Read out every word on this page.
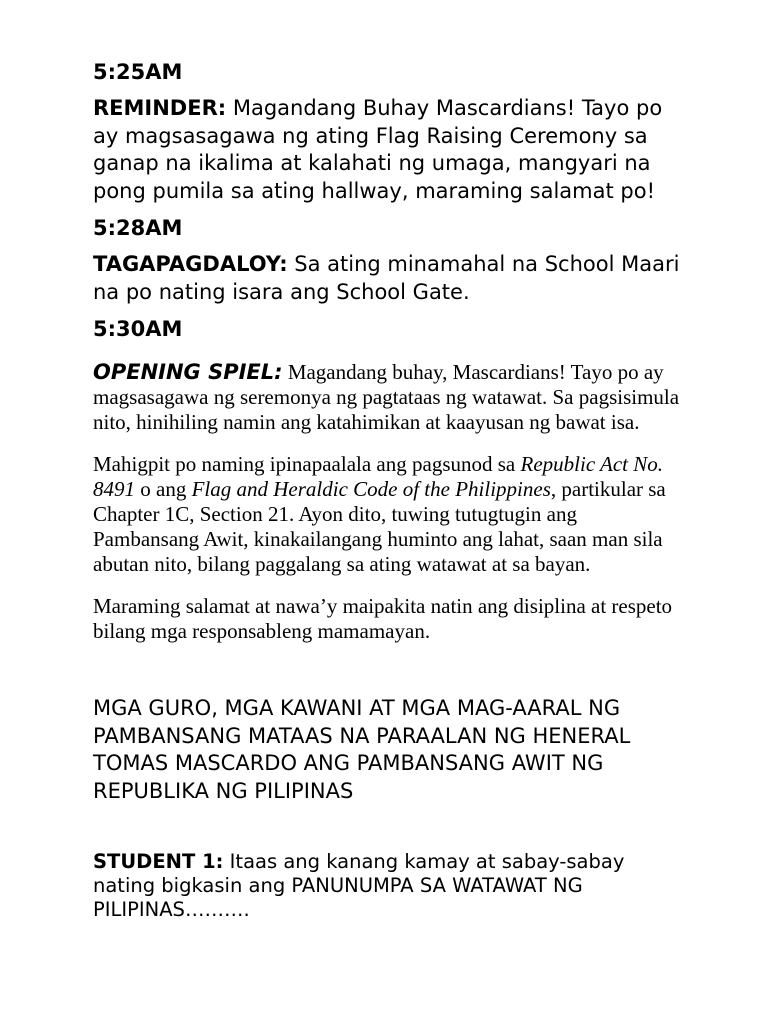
5:25AM

REMINDER: Magandang Buhay Mascardians! Tayo po ay magsasagawa ng ating Flag Raising Ceremony sa ganap na ikalima at kalahati ng umaga, mangyari na pong pumila sa ating hallway, maraming salamat po!

5:28AM

TAGAPAGDALOY: Sa ating minamahal na School Maari na po nating isara ang School Gate.

5:30AM

OPENING SPIEL: Magandang buhay, Mascardians! Tayo po ay magsasagawa ng seremonya ng pagtataas ng watawat. Sa pagsisimula nito, hinihiling namin ang katahimikan at kaayusan ng bawat isa.

Mahigpit po naming ipinapaalala ang pagsunod sa Republic Act No. 8491 o ang Flag and Heraldic Code of the Philippines, partikular sa Chapter 1C, Section 21. Ayon dito, tuwing tutugtugin ang Pambansang Awit, kinakailangang huminto ang lahat, saan man sila abutan nito, bilang paggalang sa ating watawat at sa bayan.

Maraming salamat at nawa’y maipakita natin ang disiplina at respeto bilang mga responsableng mamamayan.

MGA GURO, MGA KAWANI AT MGA MAG-AARAL NG PAMBANSANG MATAAS NA PARAALAN NG HENERAL TOMAS MASCARDO ANG PAMBANSANG AWIT NG REPUBLIKA NG PILIPINAS

STUDENT 1: Itaas ang kanang kamay at sabay-sabay nating bigkasin ang PANUNUMPA SA WATAWAT NG PILIPINAS……….
